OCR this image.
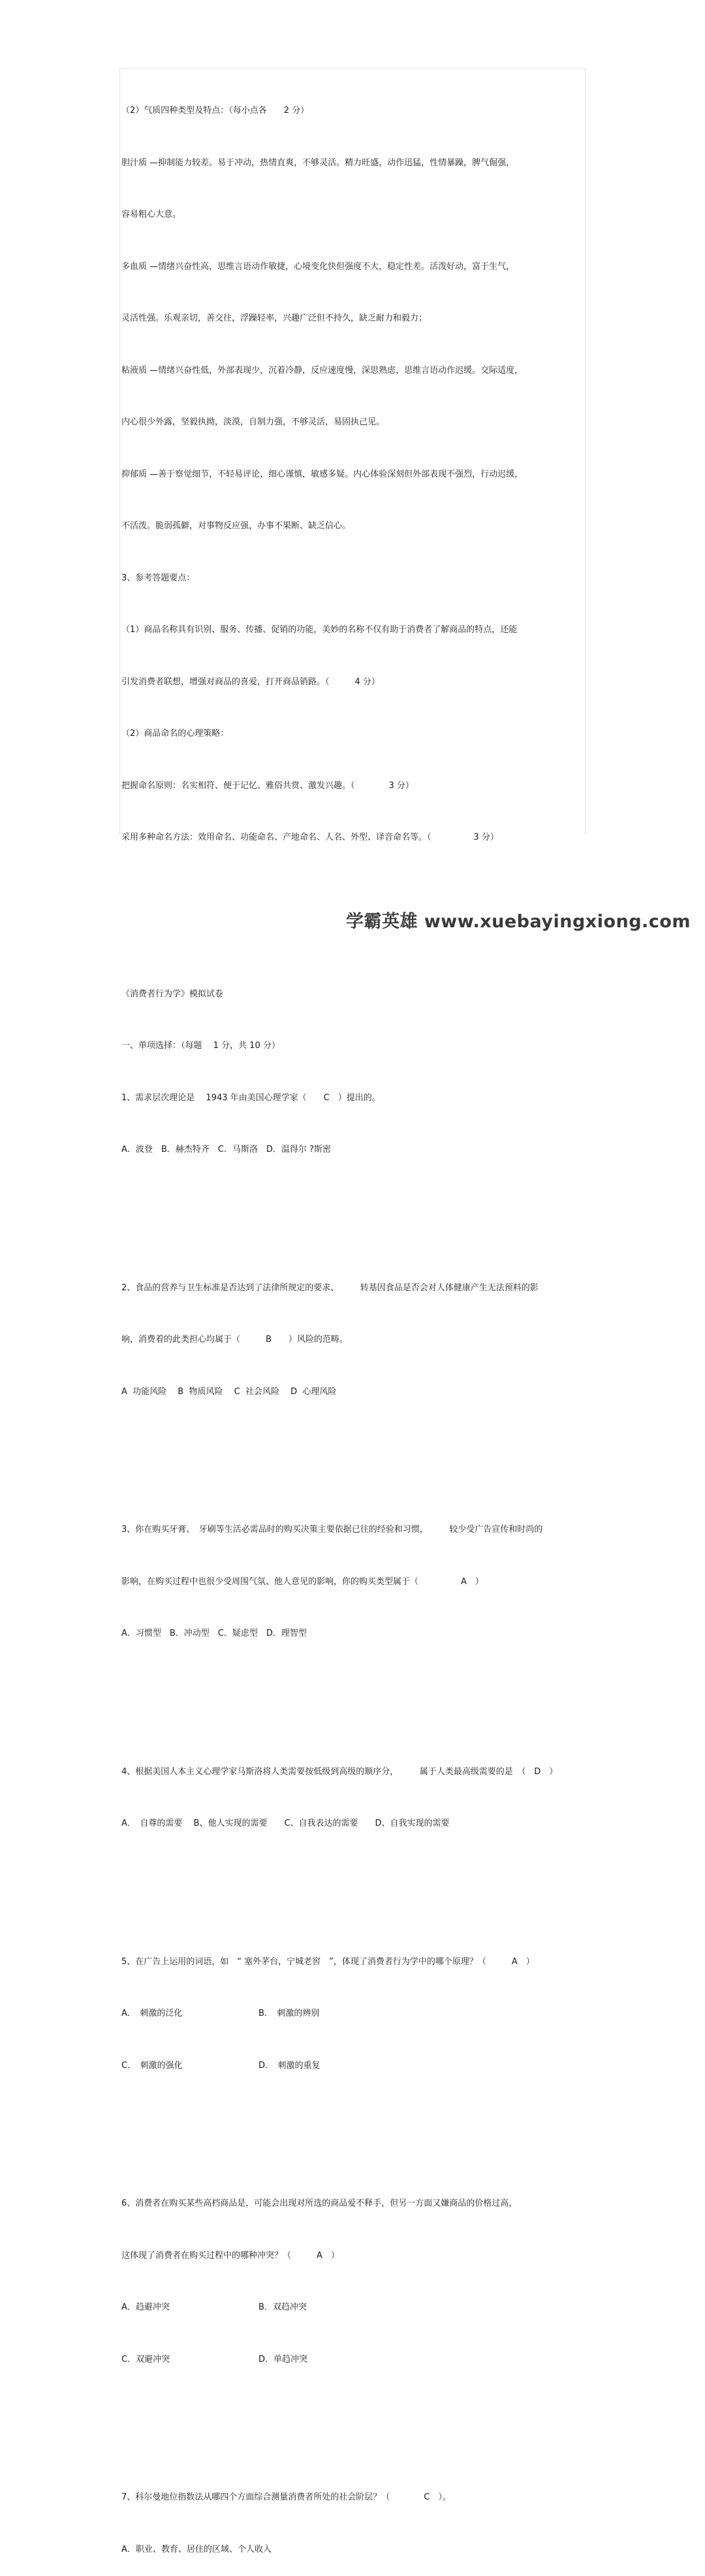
（2）气质四种类型及特点：（每小点各　　2 分）

胆汁质 —抑制能力较差。易于冲动，热情直爽，不够灵活。精力旺盛，动作迅猛，性情暴躁，脾气倔强，

容易粗心大意。

多血质 —情绪兴奋性高，思维言语动作敏捷，心境变化快但强度不大，稳定性差。活泼好动，富于生气，

灵活性强。乐观亲切，善交往，浮躁轻率，兴趣广泛但不持久，缺乏耐力和毅力；

粘液质 —情绪兴奋性低，外部表现少，沉着冷静，反应速度慢，深思熟虑，思维言语动作迟缓。交际适度，

内心很少外露，坚毅执拗，淡漠，自制力强，不够灵活，易固执己见。

抑郁质 —善于察觉细节，不轻易评论，细心谨慎，敏感多疑。内心体验深刻但外部表现不强烈，行动迟缓，

不活泼。脆弱孤僻，对事物反应强，办事不果断、缺乏信心。

3、参考答题要点：

（1）商品名称具有识别、服务、传播、促销的功能，美妙的名称不仅有助于消费者了解商品的特点，还能

引发消费者联想，增强对商品的喜爱，打开商品销路。（　　　4 分）

（2）商品命名的心理策略：

把握命名原则：名实相符、便于记忆、雅俗共赏、激发兴趣。（　　　　3 分）

采用多种命名方法：效用命名、功能命名、产地命名、人名、外型、译音命名等。（　　　　　3 分）

《消费者行为学》模拟试卷

一、单项选择：（每题　 1 分，共 10 分）

1、需求层次理论是　 1943 年由美国心理学家（　　C　）提出的。

A．波登　B．赫杰特齐　C．马斯洛　D．温得尔 ?斯密

2、食品的营养与卫生标准是否达到了法律所规定的要求、　　　转基因食品是否会对人体健康产生无法预料的影

响，消费着的此类担心均属于（　　　B　　）风险的范畴。

A  功能风险　 B  物质风险　 C  社会风险　 D  心理风险

3、你在购买牙膏、　牙刷等生活必需品时的购买决策主要依据已往的经验和习惯，　　　较少受广告宣传和时尚的

影响，在购买过程中也很少受周围气氛、他人意见的影响，你的购买类型属于（　　　　　A　）

A．习惯型　B．冲动型　C．疑虑型　D．理智型

4、根据美国人本主义心理学家马斯洛将人类需要按低级到高级的顺序分，　　　属于人类最高级需要的是　（　D　）

A．　自尊的需要　 B、他人实现的需要　　C、自我表达的需要　　D、自我实现的需要

5、在广告上运用的词语，如　“ 塞外茅台，宁城老窖　”，体现了消费者行为学中的哪个原理？（　　　A　）

A．　刺激的泛化	B．　刺激的辨别

C．　刺激的强化	D．　刺激的重复

6、消费者在购买某些高档商品是，可能会出现对所选的商品爱不释手，但另一方面又嫌商品的价格过高，

这体现了消费者在购买过程中的哪种冲突？（　　　A　）

A．趋避冲突	B．双趋冲突

C．双避冲突	D．单趋冲突

7、科尔曼地位指数法从哪四个方面综合测量消费者所处的社会阶层？（　　　　C　）。

A．职业、教育、居住的区域、个人收入

学霸英雄 www.xuebayingxiong.com
